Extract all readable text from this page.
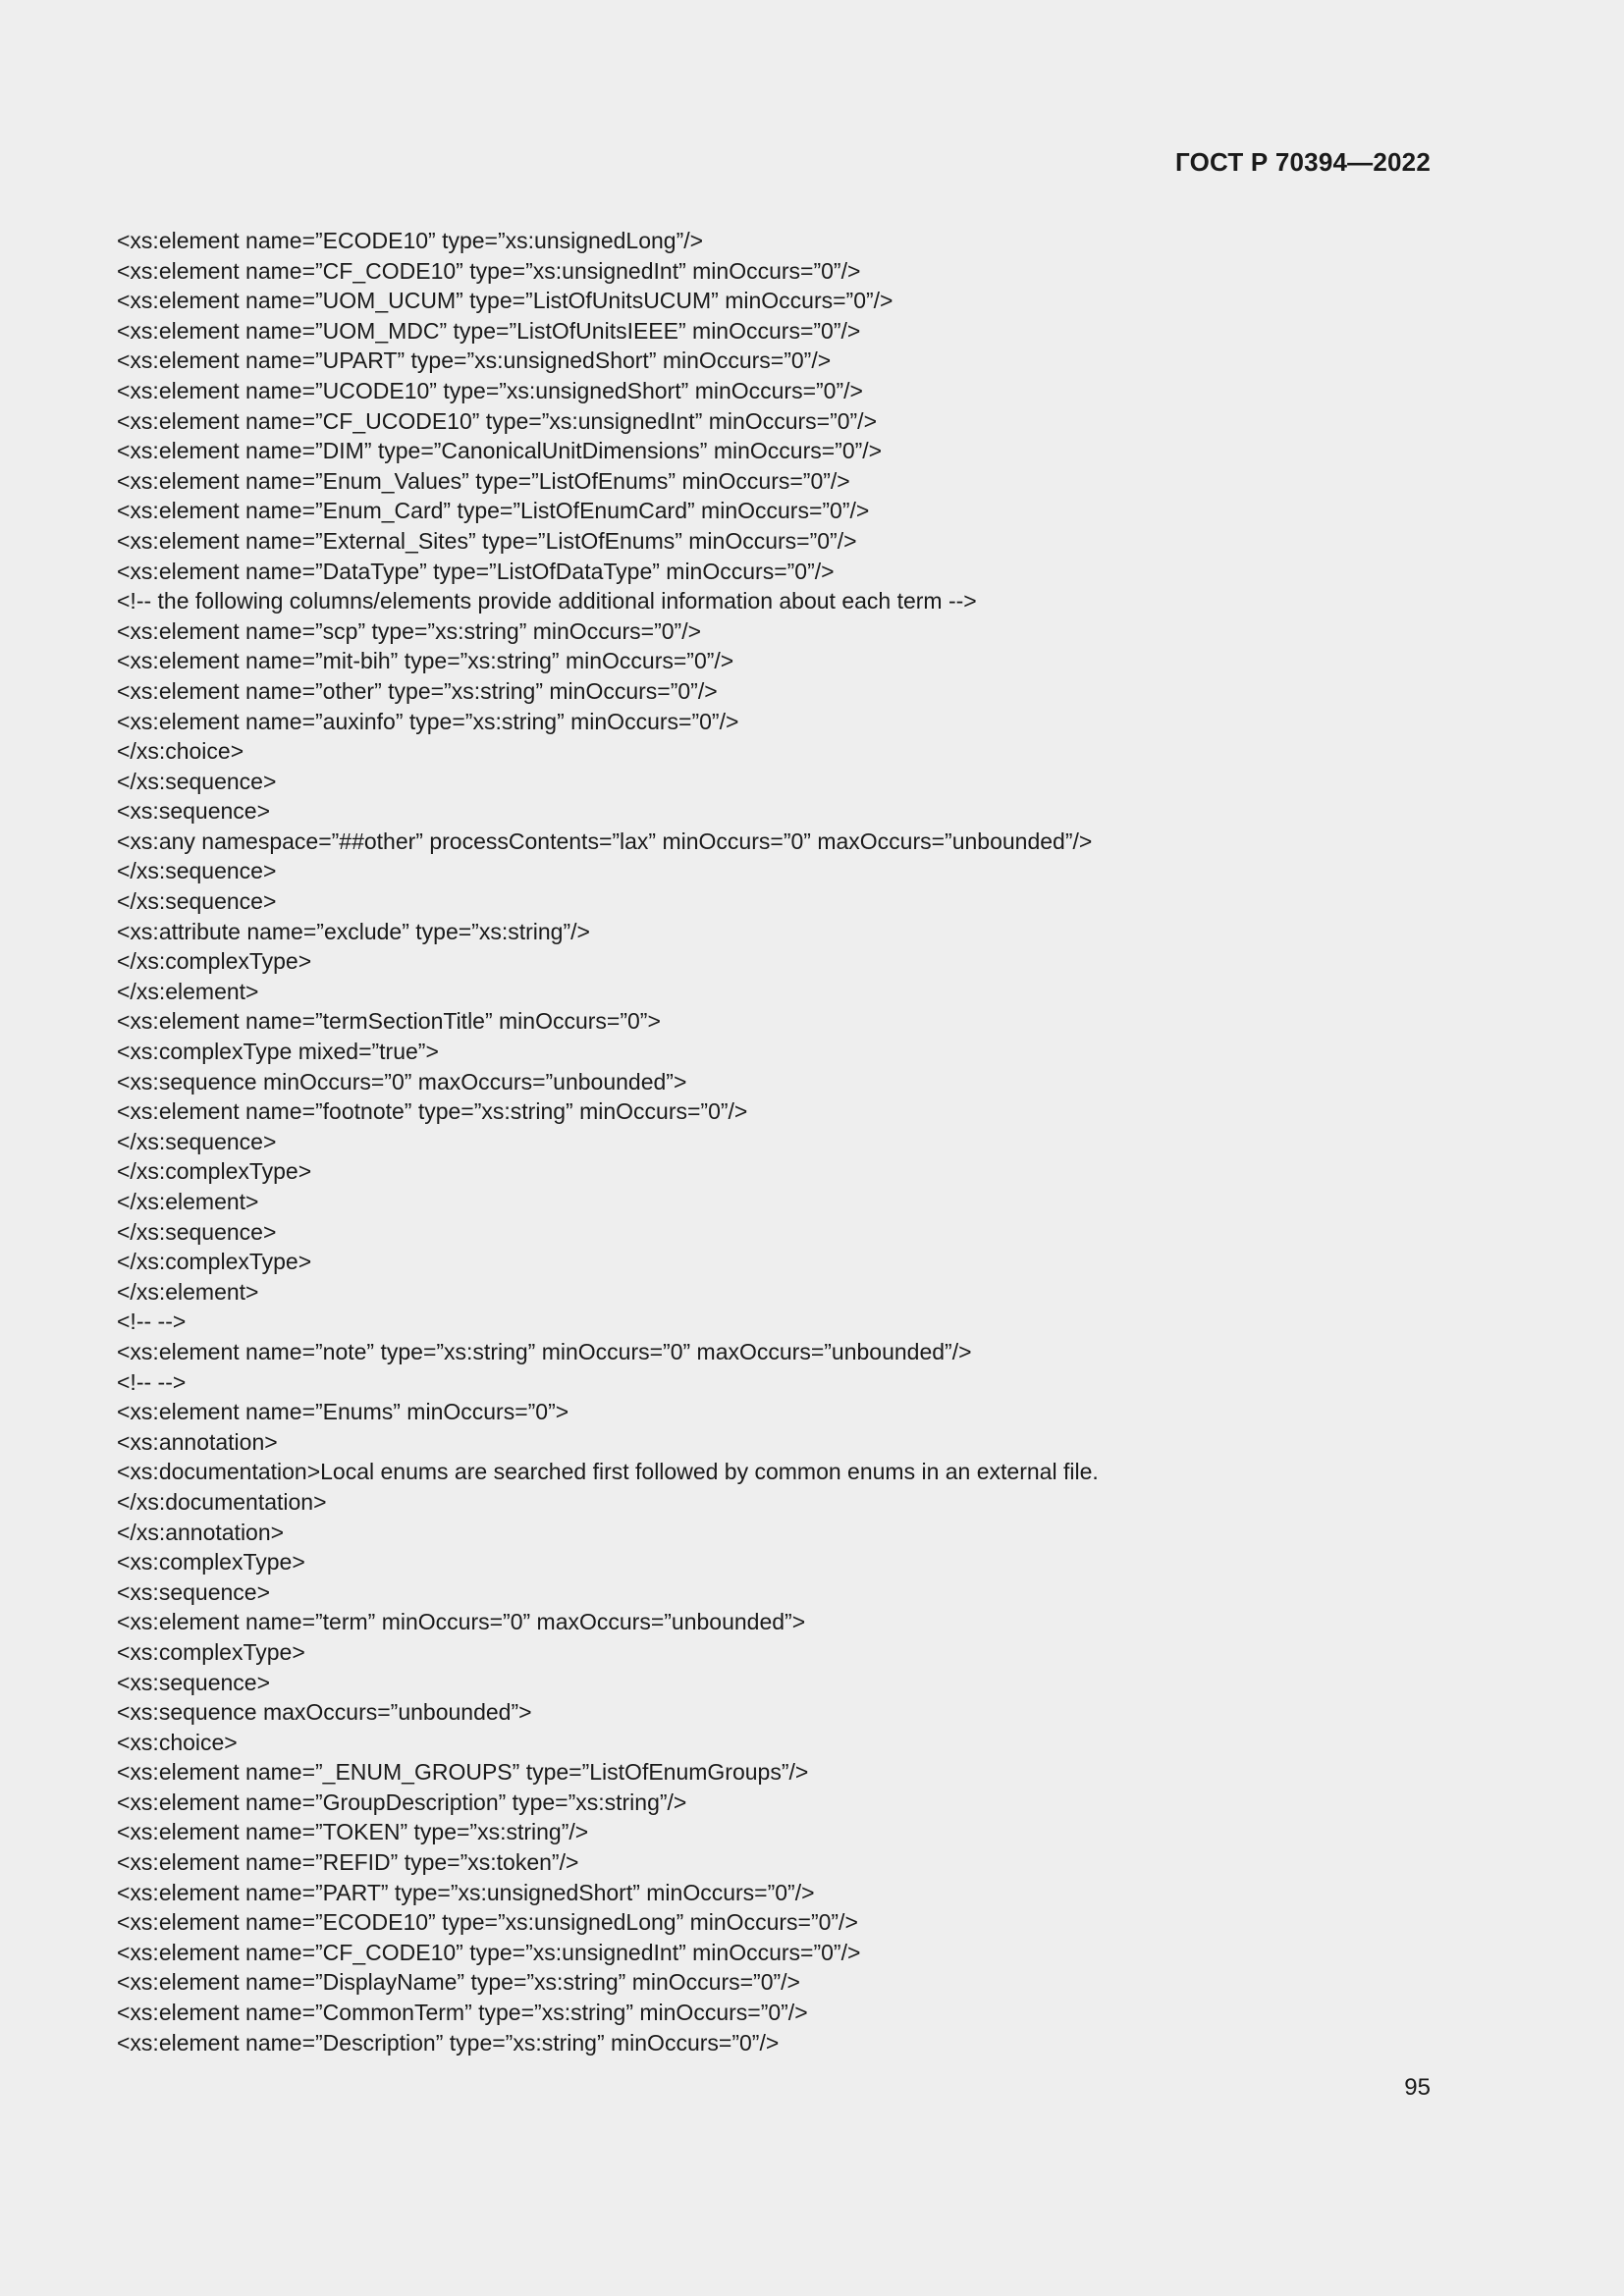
ГОСТ Р 70394—2022
<xs:element name=”ECODE10” type=”xs:unsignedLong”/>
<xs:element name=”CF_CODE10” type=”xs:unsignedInt” minOccurs=”0”/>
<xs:element name=”UOM_UCUM” type=”ListOfUnitsUCUM” minOccurs=”0”/>
<xs:element name=”UOM_MDC” type=”ListOfUnitsIEEE” minOccurs=”0”/>
<xs:element name=”UPART” type=”xs:unsignedShort” minOccurs=”0”/>
<xs:element name=”UCODE10” type=”xs:unsignedShort” minOccurs=”0”/>
<xs:element name=”CF_UCODE10” type=”xs:unsignedInt” minOccurs=”0”/>
<xs:element name=”DIM” type=”CanonicalUnitDimensions” minOccurs=”0”/>
<xs:element name=”Enum_Values” type=”ListOfEnums” minOccurs=”0”/>
<xs:element name=”Enum_Card” type=”ListOfEnumCard” minOccurs=”0”/>
<xs:element name=”External_Sites” type=”ListOfEnums” minOccurs=”0”/>
<xs:element name=”DataType” type=”ListOfDataType” minOccurs=”0”/>
<!-- the following columns/elements provide additional information about each term -->
<xs:element name=”scp” type=”xs:string” minOccurs=”0”/>
<xs:element name=”mit-bih” type=”xs:string” minOccurs=”0”/>
<xs:element name=”other” type=”xs:string” minOccurs=”0”/>
<xs:element name=”auxinfo” type=”xs:string” minOccurs=”0”/>
</xs:choice>
</xs:sequence>
<xs:sequence>
<xs:any namespace=”##other” processContents=”lax” minOccurs=”0” maxOccurs=”unbounded”/>
</xs:sequence>
</xs:sequence>
<xs:attribute name=”exclude” type=”xs:string”/>
</xs:complexType>
</xs:element>
<xs:element name=”termSectionTitle” minOccurs=”0”>
<xs:complexType mixed=”true”>
<xs:sequence minOccurs=”0” maxOccurs=”unbounded”>
<xs:element name=”footnote” type=”xs:string” minOccurs=”0”/>
</xs:sequence>
</xs:complexType>
</xs:element>
</xs:sequence>
</xs:complexType>
</xs:element>
<!-- -->
<xs:element name=”note” type=”xs:string” minOccurs=”0” maxOccurs=”unbounded”/>
<!-- -->
<xs:element name=”Enums” minOccurs=”0”>
<xs:annotation>
<xs:documentation>Local enums are searched first followed by common enums in an external file.
</xs:documentation>
</xs:annotation>
<xs:complexType>
<xs:sequence>
<xs:element name=”term” minOccurs=”0” maxOccurs=”unbounded”>
<xs:complexType>
<xs:sequence>
<xs:sequence maxOccurs=”unbounded”>
<xs:choice>
<xs:element name=”_ENUM_GROUPS” type=”ListOfEnumGroups”/>
<xs:element name=”GroupDescription” type=”xs:string”/>
<xs:element name=”TOKEN” type=”xs:string”/>
<xs:element name=”REFID” type=”xs:token”/>
<xs:element name=”PART” type=”xs:unsignedShort” minOccurs=”0”/>
<xs:element name=”ECODE10” type=”xs:unsignedLong” minOccurs=”0”/>
<xs:element name=”CF_CODE10” type=”xs:unsignedInt” minOccurs=”0”/>
<xs:element name=”DisplayName” type=”xs:string” minOccurs=”0”/>
<xs:element name=”CommonTerm” type=”xs:string” minOccurs=”0”/>
<xs:element name=”Description” type=”xs:string” minOccurs=”0”/>
95
